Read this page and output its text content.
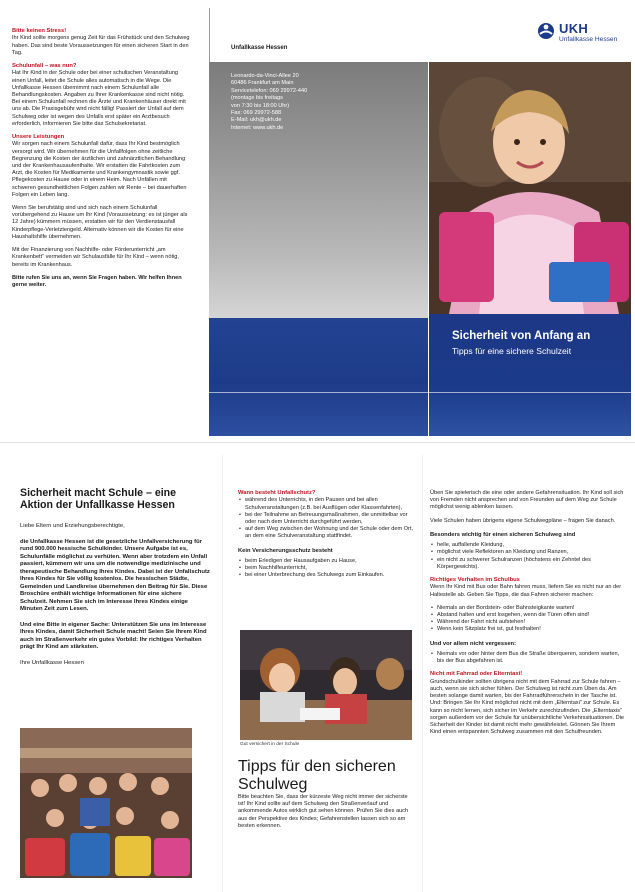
Bitte keinen Stress!

Ihr Kind sollte morgens genug Zeit für das Frühstück und den Schulweg haben. Das sind beste Voraussetzungen für einen sicheren Start in den Tag.

Schulunfall – was nun?

Hat Ihr Kind in der Schule oder bei einer schulischen Veranstaltung einen Unfall, leitet die Schule alles automatisch in die Wege. Die Unfallkasse Hessen übernimmt nach einem Schulunfall alle Behandlungskosten. Angaben zu Ihrer Krankenkasse sind nicht nötig. Bei einem Schulunfall rechnen die Ärzte und Krankenhäuser direkt mit uns ab. Die Praxisgebühr wird nicht fällig! Passiert der Unfall auf dem Schulweg oder ist wegen des Unfalls erst später ein Arztbesuch erforderlich, informieren Sie bitte das Schulsekretariat.

Unsere Leistungen

Wir sorgen nach einem Schulunfall dafür, dass Ihr Kind bestmöglich versorgt wird. Wir übernehmen für die Unfallfolgen ohne zeitliche Begrenzung die Kosten der ärztlichen und zahnärztlichen Behandlung und der Krankenhausaufenthalte. Wir erstatten die Fahrtkosten zum Arzt, die Kosten für Medikamente und Krankengymnastik sowie ggf. Pflegekosten zu Hause oder in einem Heim. Nach Unfällen mit schweren gesundheitlichen Folgen zahlen wir Rente – bei dauerhaften Folgen ein Leben lang.

Wenn Sie berufstätig sind und sich nach einem Schulunfall vorübergehend zu Hause um Ihr Kind (Voraussetzung: es ist jünger als 12 Jahre) kümmern müssen, erstatten wir für den Verdienstausfall Kinderpflege-Verletztengeld. Alternativ können wir die Kosten für eine Haushaltshilfe übernehmen.

Mit der Finanzierung von Nachhilfe- oder Förderunterricht „am Krankenbett“ vermeiden wir Schulausfälle für Ihr Kind – wenn nötig, bereits im Krankenhaus.

Bitte rufen Sie uns an, wenn Sie Fragen haben. Wir helfen Ihnen gerne weiter.

Unfallkasse Hessen
Leonardo-da-Vinci-Allee 20
60486 Frankfurt am Main
Servicetelefon: 069 29972-440
(montags bis freitags
von 7:30 bis 18:00 Uhr)
Fax: 069 29972-588
E-Mail: ukh@ukh.de
Internet: www.ukh.de
Sicherheit von Anfang an
Tipps für eine sichere Schulzeit
UKH
Unfallkasse Hessen
Sicherheit macht Schule – eine
Aktion der Unfallkasse Hessen

Liebe Eltern und Erziehungsberechtigte,

die Unfallkasse Hessen ist die gesetzliche Unfallversicherung für rund 900.000 hessische Schulkinder. Unsere Aufgabe ist es, Schulunfälle möglichst zu verhüten. Wenn aber trotzdem ein Unfall passiert, kümmern wir uns um die notwendige medizinische und therapeutische Behandlung Ihres Kindes. Dabei ist der Unfallschutz Ihres Kindes für Sie völlig kostenlos. Die hessischen Städte, Gemeinden und Landkreise übernehmen den Beitrag für Sie. Diese Broschüre enthält wichtige Informationen für eine sichere Schulzeit. Nehmen Sie sich im Interesse Ihres Kindes einige Minuten Zeit zum Lesen.

Und eine Bitte in eigener Sache: Unterstützen Sie uns im Interesse Ihres Kindes, damit Sicherheit Schule macht! Seien Sie Ihrem Kind auch im Straßenverkehr ein gutes Vorbild: Ihr richtiges Verhalten prägt Ihr Kind am stärksten.

Ihre Unfallkasse Hessen

Wann besteht Unfallschutz?
• während des Unterrichts, in den Pausen und bei allen Schulveranstaltungen (z.B. bei Ausflügen oder Klassenfahrten),
• bei der Teilnahme an Betreuungsmaßnahmen, die unmittelbar vor oder nach dem Unterricht durchgeführt werden,
• auf dem Weg zwischen der Wohnung und der Schule oder dem Ort, an dem eine Schulveranstaltung stattfindet.
Kein Versicherungsschutz besteht
• beim Erledigen der Hausaufgaben zu Hause,
• beim Nachhilfeunterricht,
• bei einer Unterbrechung des Schulwegs zum Einkaufen.
Gut versichert in der Schule
Tipps für den sicheren Schulweg

Bitte beachten Sie, dass der kürzeste Weg nicht immer der sicherste ist! Ihr Kind sollte auf dem Schulweg den Straßenverlauf und ankommende Autos wirklich gut sehen können. Prüfen Sie dies auch aus der Perspektive des Kindes; Gefahrenstellen lassen sich so am besten erkennen.

Üben Sie spielerisch die eine oder andere Gefahrensituation. Ihr Kind soll sich von Fremden nicht ansprechen und von Freunden auf dem Weg zur Schule möglichst wenig ablenken lassen.

Viele Schulen haben übrigens eigene Schulwegpläne – fragen Sie danach.

Besonders wichtig für einen sicheren Schulweg sind
• helle, auffallende Kleidung,
• möglichst viele Reflektoren an Kleidung und Ranzen,
• ein nicht zu schwerer Schulranzen (höchstens ein Zehntel des Körpergewichts).
Richtiges Verhalten im Schulbus

Wenn Ihr Kind mit Bus oder Bahn fahren muss, liefern Sie es nicht nur an der Haltestelle ab. Geben Sie Tipps, die das Fahren sicherer machen:

• Niemals an der Bordstein- oder Bahnsteigkante warten!
• Abstand halten und erst losgehen, wenn die Türen offen sind!
• Während der Fahrt nicht aufstehen!
• Wenn kein Sitzplatz frei ist, gut festhalten!
Und vor allem nicht vergessen:
• Niemals vor oder hinter dem Bus die Straße überqueren, sondern warten, bis der Bus abgefahren ist.
Nicht mit Fahrrad oder Elterntaxi!

Grundschulkinder sollten übrigens nicht mit dem Fahrrad zur Schule fahren – auch, wenn sie sich sicher fühlen. Der Schulweg ist nicht zum Üben da. Am besten solange damit warten, bis der Fahrradführerschein in der Tasche ist. Und: Bringen Sie Ihr Kind möglichst nicht mit dem „Elterntaxi“ zur Schule. Es kann so nicht lernen, sich sicher im Verkehr zurechtzufinden. Die „Elterntaxis“ sorgen außerdem vor der Schule für unübersichtliche Verkehrssituationen. Die Sicherheit der Kinder ist damit nicht mehr gewährleistet. Gönnen Sie Ihrem Kind einen entspannten Schulweg zusammen mit den Schulfreunden.
